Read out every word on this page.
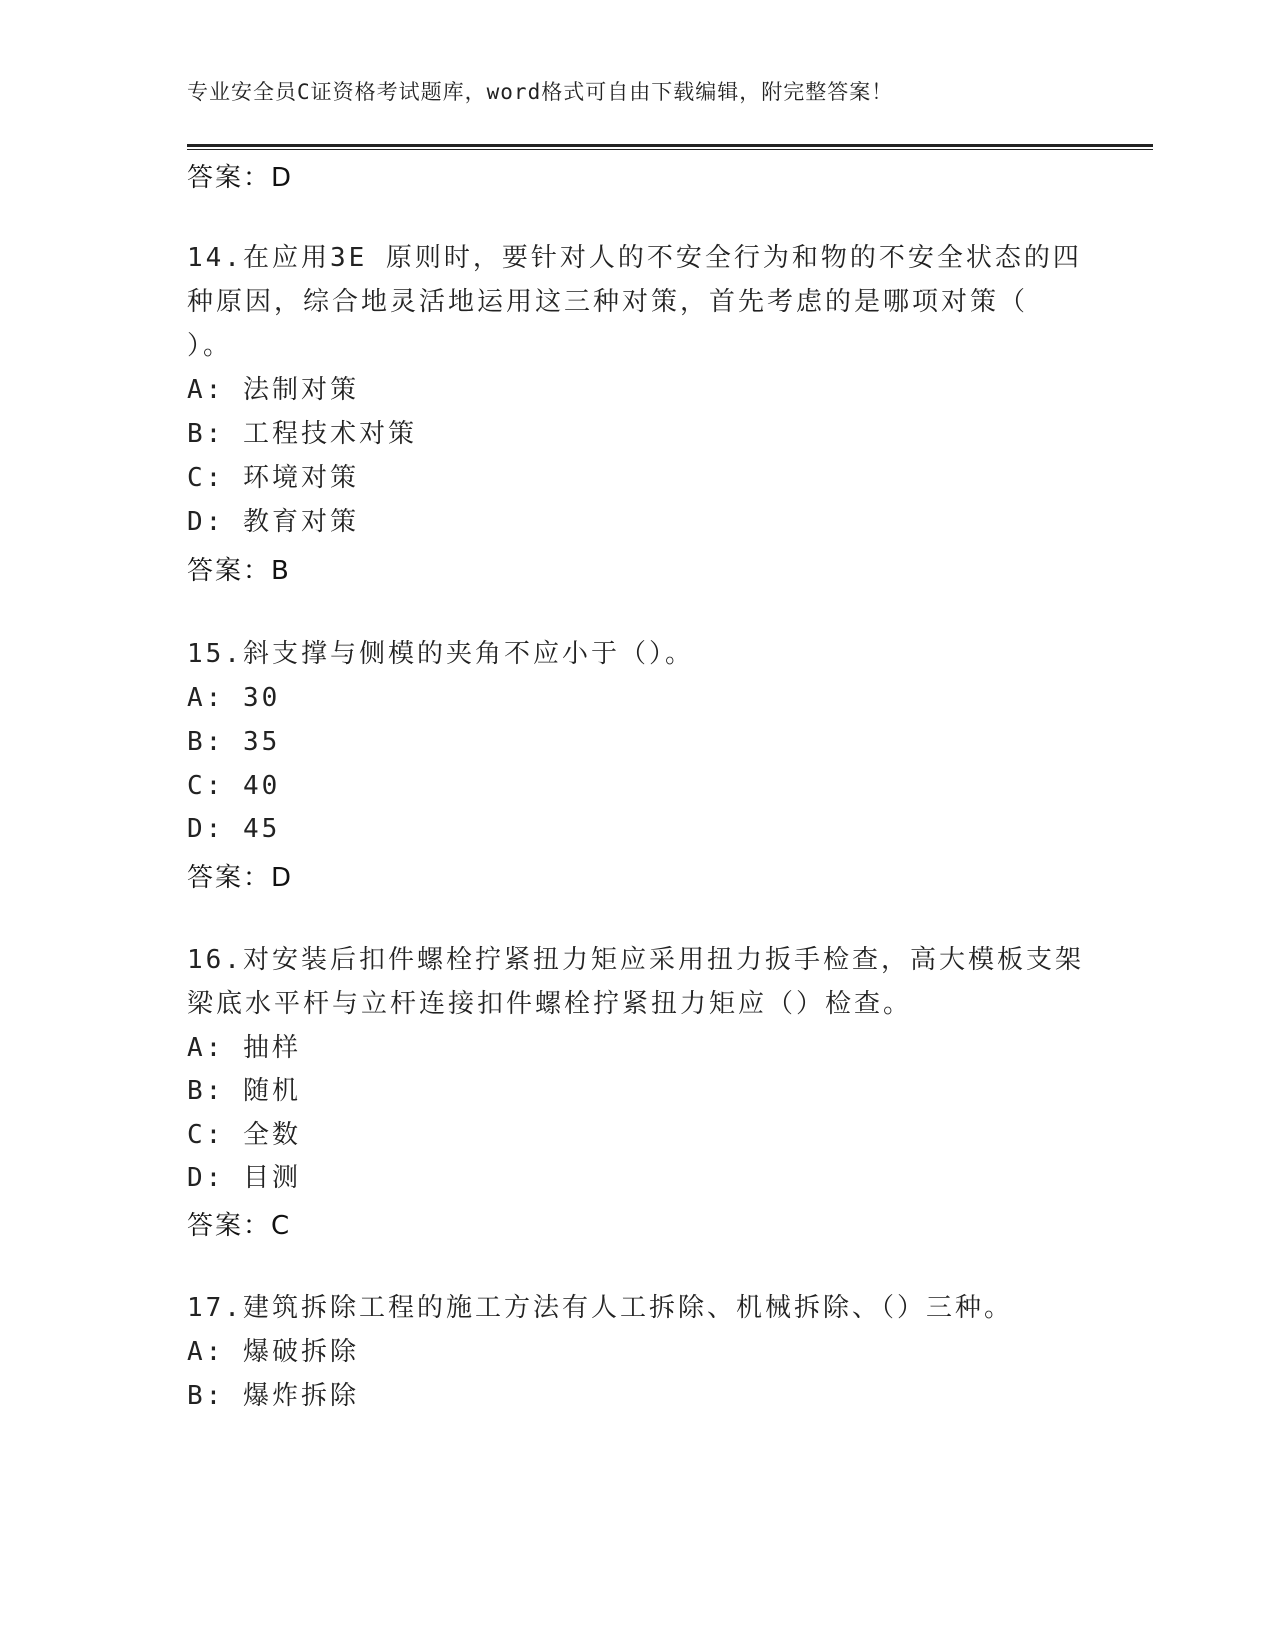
专业安全员C证资格考试题库，word格式可自由下载编辑，附完整答案！
答案：D
14.在应用3E 原则时，要针对人的不安全行为和物的不安全状态的四
种原因，综合地灵活地运用这三种对策，首先考虑的是哪项对策（
）。
A: 法制对策
B: 工程技术对策
C: 环境对策
D: 教育对策
答案：B
15.斜支撑与侧模的夹角不应小于（）。
A: 30
B: 35
C: 40
D: 45
答案：D
16.对安装后扣件螺栓拧紧扭力矩应采用扭力扳手检查，高大模板支架
梁底水平杆与立杆连接扣件螺栓拧紧扭力矩应（）检查。
A: 抽样
B: 随机
C: 全数
D: 目测
答案：C
17.建筑拆除工程的施工方法有人工拆除、机械拆除、（）三种。
A: 爆破拆除
B: 爆炸拆除
